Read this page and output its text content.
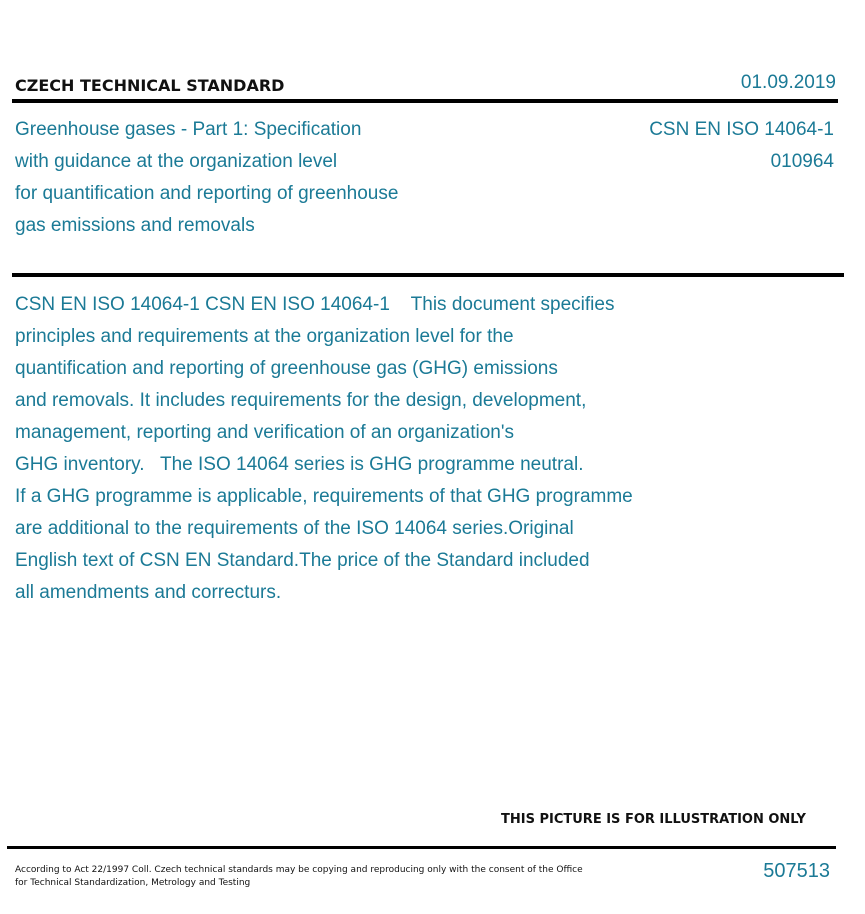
CZECH TECHNICAL STANDARD	01.09.2019
Greenhouse gases - Part 1: Specification
with guidance at the organization level
for quantification and reporting of greenhouse
gas emissions and removals
CSN EN ISO 14064-1
010964
CSN EN ISO 14064-1 CSN EN ISO 14064-1    This document specifies
principles and requirements at the organization level for the
quantification and reporting of greenhouse gas (GHG) emissions
and removals. It includes requirements for the design, development,
management, reporting and verification of an organization's
GHG inventory.   The ISO 14064 series is GHG programme neutral.
If a GHG programme is applicable, requirements of that GHG programme
are additional to the requirements of the ISO 14064 series.Original
English text of CSN EN Standard.The price of the Standard included
all amendments and correcturs.
THIS PICTURE IS FOR ILLUSTRATION ONLY
According to Act 22/1997 Coll. Czech technical standards may be copying and reproducing only with the consent of the Office
for Technical Standardization, Metrology and Testing
507513
